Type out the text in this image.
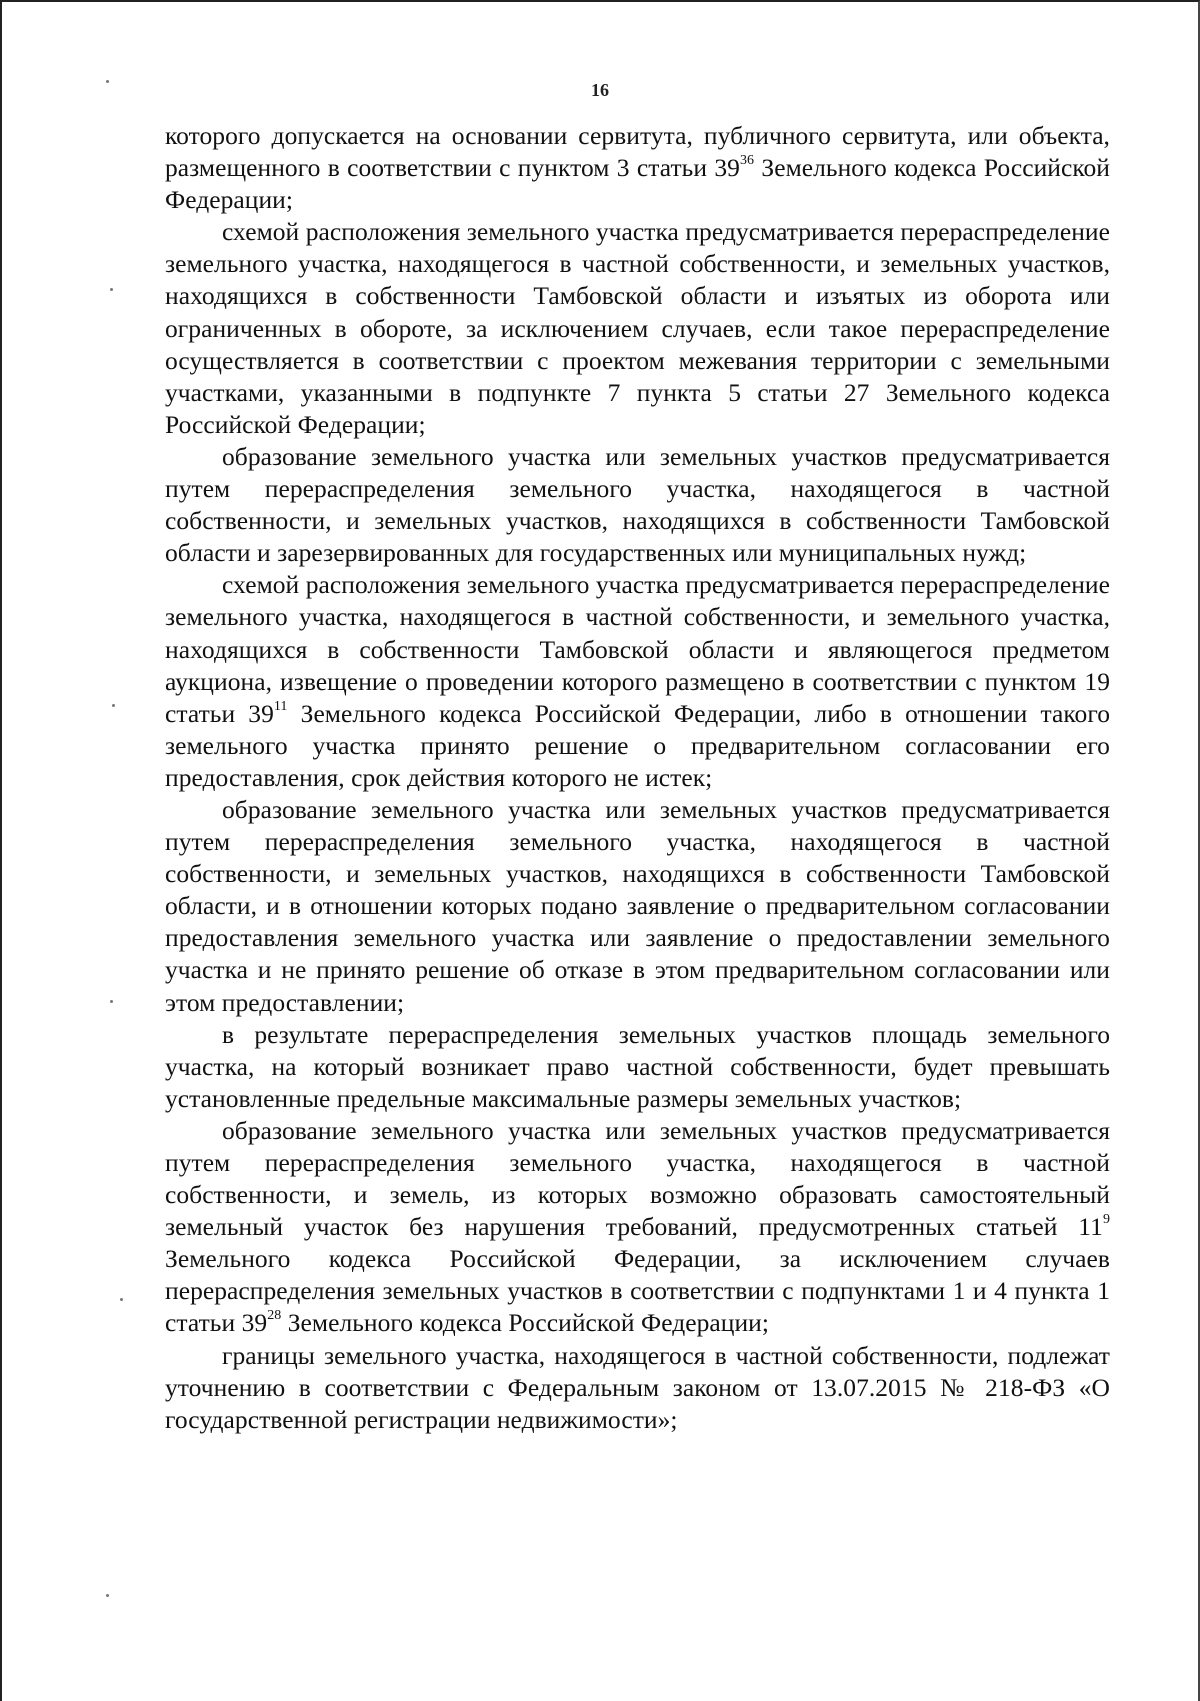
16

которого допускается на основании сервитута, публичного сервитута, или объекта, размещенного в соответствии с пунктом 3 статьи $39^{36}$ Земельного кодекса Российской Федерации;

схемой расположения земельного участка предусматривается перераспределение земельного участка, находящегося в частной собственности, и земельных участков, находящихся в собственности Тамбовской области и изъятых из оборота или ограниченных в обороте, за исключением случаев, если такое перераспределение осуществляется в соответствии с проектом межевания территории с земельными участками, указанными в подпункте 7 пункта 5 статьи 27 Земельного кодекса Российской Федерации;

образование земельного участка или земельных участков предусматривается путем перераспределения земельного участка, находящегося в частной собственности, и земельных участков, находящихся в собственности Тамбовской области и зарезервированных для государственных или муниципальных нужд;

схемой расположения земельного участка предусматривается перераспределение земельного участка, находящегося в частной собственности, и земельного участка, находящихся в собственности Тамбовской области и являющегося предметом аукциона, извещение о проведении которого размещено в соответствии с пунктом 19 статьи $39^{11}$ Земельного кодекса Российской Федерации, либо в отношении такого земельного участка принято решение о предварительном согласовании его предоставления, срок действия которого не истек;

образование земельного участка или земельных участков предусматривается путем перераспределения земельного участка, находящегося в частной собственности, и земельных участков, находящихся в собственности Тамбовской области, и в отношении которых подано заявление о предварительном согласовании предоставления земельного участка или заявление о предоставлении земельного участка и не принято решение об отказе в этом предварительном согласовании или этом предоставлении;

в результате перераспределения земельных участков площадь земельного участка, на который возникает право частной собственности, будет превышать установленные предельные максимальные размеры земельных участков;

образование земельного участка или земельных участков предусматривается путем перераспределения земельного участка, находящегося в частной собственности, и земель, из которых возможно образовать самостоятельный земельный участок без нарушения требований, предусмотренных статьей $11^9$ Земельного кодекса Российской Федерации, за исключением случаев перераспределения земельных участков в соответствии с подпунктами 1 и 4 пункта 1 статьи $39^{28}$ Земельного кодекса Российской Федерации;

границы земельного участка, находящегося в частной собственности, подлежат уточнению в соответствии с Федеральным законом от 13.07.2015 № 218-ФЗ «О государственной регистрации недвижимости»;
